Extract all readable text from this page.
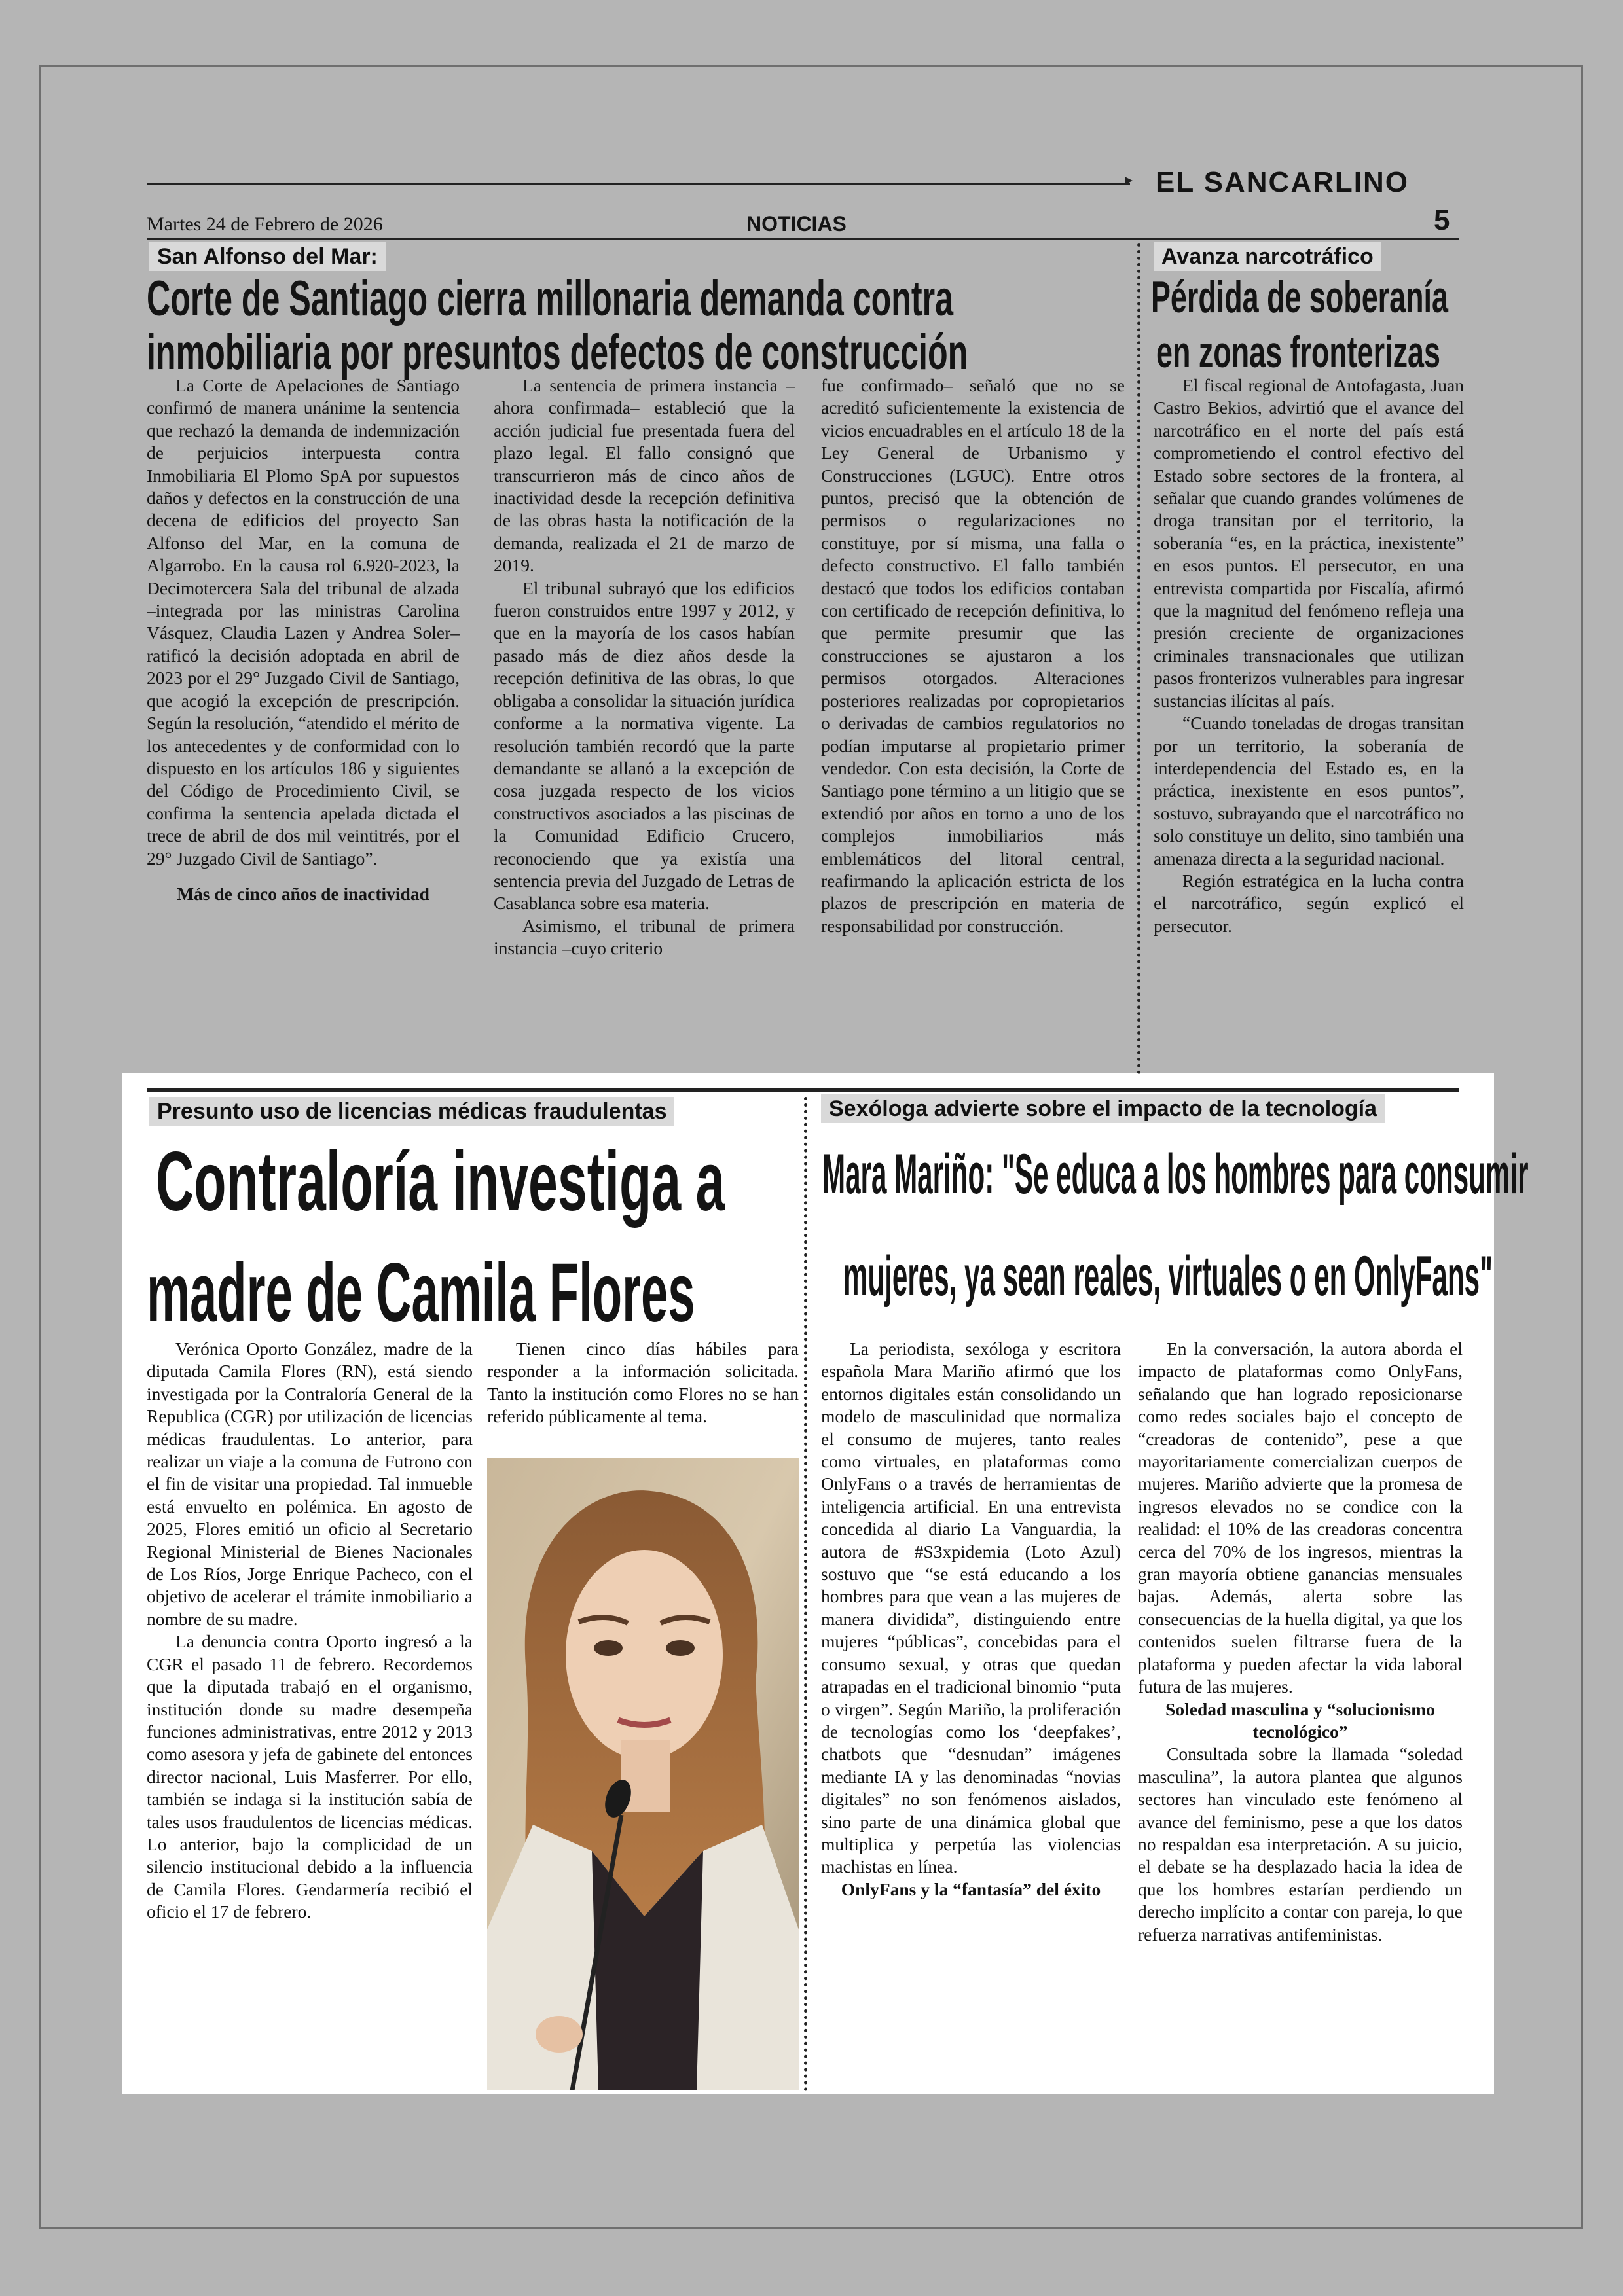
EL SANCARLINO
Martes 24 de Febrero de 2026	NOTICIAS	5
San Alfonso del Mar:
Corte de Santiago cierra millonaria demanda contra
inmobiliaria por presuntos defectos de construcción

La Corte de Apelaciones de Santiago confirmó de manera unánime la sentencia que rechazó la demanda de indemnización de perjuicios interpuesta contra Inmobiliaria El Plomo SpA por supuestos daños y defectos en la construcción de una decena de edificios del proyecto San Alfonso del Mar, en la comuna de Algarrobo. En la causa rol 6.920-2023, la Decimotercera Sala del tribunal de alzada –integrada por las ministras Carolina Vásquez, Claudia Lazen y Andrea Soler– ratificó la decisión adoptada en abril de 2023 por el 29° Juzgado Civil de Santiago, que acogió la excepción de prescripción. Según la resolución, “atendido el mérito de los antecedentes y de conformidad con lo dispuesto en los artículos 186 y siguientes del Código de Procedimiento Civil, se confirma la sentencia apelada dictada el trece de abril de dos mil veintitrés, por el 29° Juzgado Civil de Santiago”.

Más de cinco años de inactividad

La sentencia de primera instancia –ahora confirmada– estableció que la acción judicial fue presentada fuera del plazo legal. El fallo consignó que transcurrieron más de cinco años de inactividad desde la recepción definitiva de las obras hasta la notificación de la demanda, realizada el 21 de marzo de 2019.

El tribunal subrayó que los edificios fueron construidos entre 1997 y 2012, y que en la mayoría de los casos habían pasado más de diez años desde la recepción definitiva de las obras, lo que obligaba a consolidar la situación jurídica conforme a la normativa vigente. La resolución también recordó que la parte demandante se allanó a la excepción de cosa juzgada respecto de los vicios constructivos asociados a las piscinas de la Comunidad Edificio Crucero, reconociendo que ya existía una sentencia previa del Juzgado de Letras de Casablanca sobre esa materia.

Asimismo, el tribunal de primera instancia –cuyo criterio

fue confirmado– señaló que no se acreditó suficientemente la existencia de vicios encuadrables en el artículo 18 de la Ley General de Urbanismo y Construcciones (LGUC). Entre otros puntos, precisó que la obtención de permisos o regularizaciones no constituye, por sí misma, una falla o defecto constructivo. El fallo también destacó que todos los edificios contaban con certificado de recepción definitiva, lo que permite presumir que las construcciones se ajustaron a los permisos otorgados. Alteraciones posteriores realizadas por copropietarios o derivadas de cambios regulatorios no podían imputarse al propietario primer vendedor. Con esta decisión, la Corte de Santiago pone término a un litigio que se extendió por años en torno a uno de los complejos inmobiliarios más emblemáticos del litoral central, reafirmando la aplicación estricta de los plazos de prescripción en materia de responsabilidad por construcción.

Avanza narcotráfico
Pérdida de soberanía
en zonas fronterizas

El fiscal regional de Antofagasta, Juan Castro Bekios, advirtió que el avance del narcotráfico en el norte del país está comprometiendo el control efectivo del Estado sobre sectores de la frontera, al señalar que cuando grandes volúmenes de droga transitan por el territorio, la soberanía “es, en la práctica, inexistente” en esos puntos. El persecutor, en una entrevista compartida por Fiscalía, afirmó que la magnitud del fenómeno refleja una presión creciente de organizaciones criminales transnacionales que utilizan pasos fronterizos vulnerables para ingresar sustancias ilícitas al país.

“Cuando toneladas de drogas transitan por un territorio, la soberanía de interdependencia del Estado es, en la práctica, inexistente en esos puntos”, sostuvo, subrayando que el narcotráfico no solo constituye un delito, sino también una amenaza directa a la seguridad nacional.

Región estratégica en la lucha contra el narcotráfico, según explicó el persecutor.

Presunto uso de licencias médicas fraudulentas
Contraloría investiga a
madre de Camila Flores

Verónica Oporto González, madre de la diputada Camila Flores (RN), está siendo investigada por la Contraloría General de la Republica (CGR) por utilización de licencias médicas fraudulentas. Lo anterior, para realizar un viaje a la comuna de Futrono con el fin de visitar una propiedad. Tal inmueble está envuelto en polémica. En agosto de 2025, Flores emitió un oficio al Secretario Regional Ministerial de Bienes Nacionales de Los Ríos, Jorge Enrique Pacheco, con el objetivo de acelerar el trámite inmobiliario a nombre de su madre.

La denuncia contra Oporto ingresó a la CGR el pasado 11 de febrero. Recordemos que la diputada trabajó en el organismo, institución donde su madre desempeña funciones administrativas, entre 2012 y 2013 como asesora y jefa de gabinete del entonces director nacional, Luis Masferrer. Por ello, también se indaga si la institución sabía de tales usos fraudulentos de licencias médicas. Lo anterior, bajo la complicidad de un silencio institucional debido a la influencia de Camila Flores. Gendarmería recibió el oficio el 17 de febrero.

Tienen cinco días hábiles para responder a la información solicitada. Tanto la institución como Flores no se han referido públicamente al tema.

Sexóloga advierte sobre el impacto de la tecnología
Mara Mariño: "Se educa a los hombres para consumir
mujeres, ya sean reales, virtuales o en OnlyFans"

La periodista, sexóloga y escritora española Mara Mariño afirmó que los entornos digitales están consolidando un modelo de masculinidad que normaliza el consumo de mujeres, tanto reales como virtuales, en plataformas como OnlyFans o a través de herramientas de inteligencia artificial. En una entrevista concedida al diario La Vanguardia, la autora de #S3xpidemia (Loto Azul) sostuvo que “se está educando a los hombres para que vean a las mujeres de manera dividida”, distinguiendo entre mujeres “públicas”, concebidas para el consumo sexual, y otras que quedan atrapadas en el tradicional binomio “puta o virgen”. Según Mariño, la proliferación de tecnologías como los ‘deepfakes’, chatbots que “desnudan” imágenes mediante IA y las denominadas “novias digitales” no son fenómenos aislados, sino parte de una dinámica global que multiplica y perpetúa las violencias machistas en línea.

OnlyFans y la “fantasía” del éxito

En la conversación, la autora aborda el impacto de plataformas como OnlyFans, señalando que han logrado reposicionarse como redes sociales bajo el concepto de “creadoras de contenido”, pese a que mayoritariamente comercializan cuerpos de mujeres. Mariño advierte que la promesa de ingresos elevados no se condice con la realidad: el 10% de las creadoras concentra cerca del 70% de los ingresos, mientras la gran mayoría obtiene ganancias mensuales bajas. Además, alerta sobre las consecuencias de la huella digital, ya que los contenidos suelen filtrarse fuera de la plataforma y pueden afectar la vida laboral futura de las mujeres.

Soledad masculina y “solucionismo tecnológico”

Consultada sobre la llamada “soledad masculina”, la autora plantea que algunos sectores han vinculado este fenómeno al avance del feminismo, pese a que los datos no respaldan esa interpretación. A su juicio, el debate se ha desplazado hacia la idea de que los hombres estarían perdiendo un derecho implícito a contar con pareja, lo que refuerza narrativas antifeministas.
